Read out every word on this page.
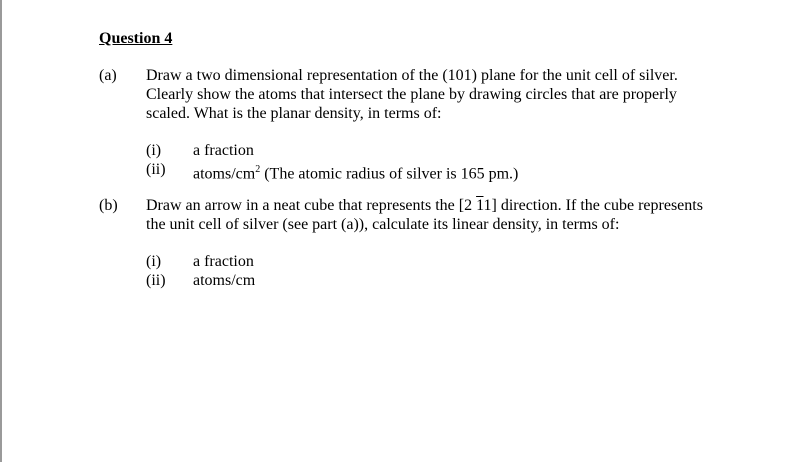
Question 4
(a) Draw a two dimensional representation of the (101) plane for the unit cell of silver.
Clearly show the atoms that intersect the plane by drawing circles that are properly
scaled. What is the planar density, in terms of:
(i) a fraction
(ii) atoms/$cm^2$ (The atomic radius of silver is 165 pm.)
(b) Draw an arrow in a neat cube that represents the [2 11] direction. If the cube represents
the unit cell of silver (see part (a)), calculate its linear density, in terms of:
(i) a fraction
(ii) atoms/cm
